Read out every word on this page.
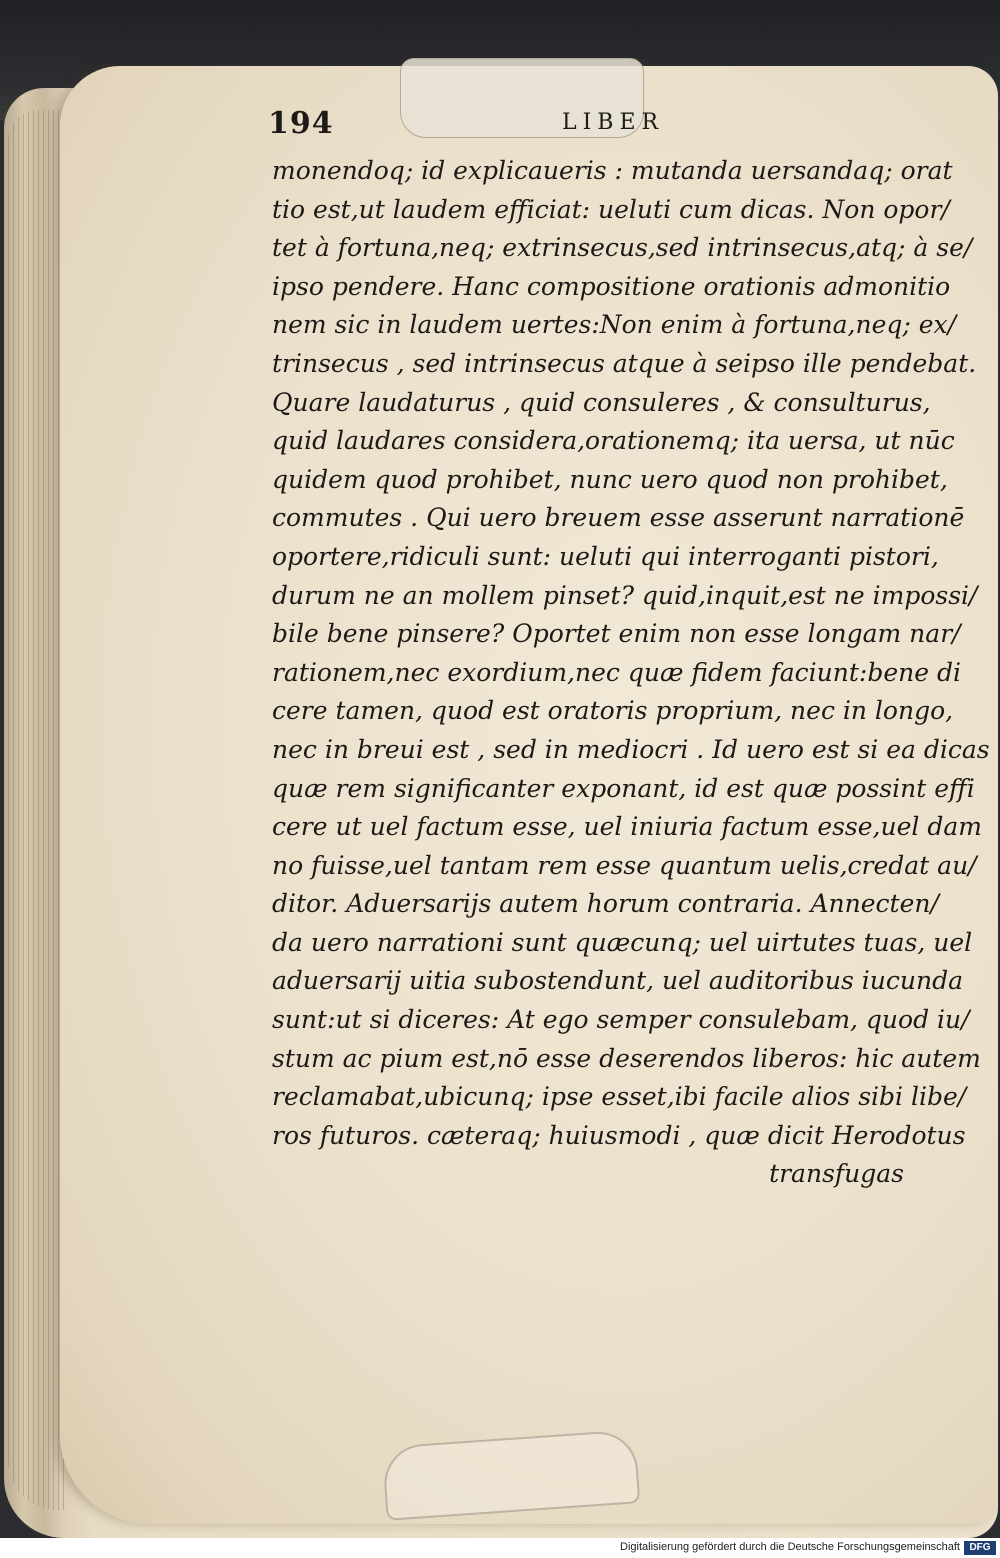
194	LIBER
monendoq; id explicaueris : mutanda uersandaq; orat
tio est,ut laudem efficiat: ueluti cum dicas. Non opor/
tet à fortuna,neq; extrinsecus,sed intrinsecus,atq; à se/
ipso pendere. Hanc compositione orationis admonitio
nem sic in laudem uertes:Non enim à fortuna,neq; ex/
trinsecus , sed intrinsecus atque à seipso ille pendebat.
Quare laudaturus , quid consuleres , & consulturus,
quid laudares considera,orationemq; ita uersa, ut nūc
quidem quod prohibet, nunc uero quod non prohibet,
commutes . Qui uero breuem esse asserunt narrationē
oportere,ridiculi sunt: ueluti qui interroganti pistori,
durum ne an mollem pinset? quid,inquit,est ne impossi/
bile bene pinsere? Oportet enim non esse longam nar/
rationem,nec exordium,nec quæ fidem faciunt:bene di
cere tamen, quod est oratoris proprium, nec in longo,
nec in breui est , sed in mediocri . Id uero est si ea dicas
quæ rem significanter exponant, id est quæ possint effi
cere ut uel factum esse, uel iniuria factum esse,uel dam
no fuisse,uel tantam rem esse quantum uelis,credat au/
ditor. Aduersarijs autem horum contraria. Annecten/
da uero narrationi sunt quæcunq; uel uirtutes tuas, uel
aduersarij uitia subostendunt, uel auditoribus iucunda
sunt:ut si diceres: At ego semper consulebam, quod iu/
stum ac pium est,nō esse deserendos liberos: hic autem
reclamabat,ubicunq; ipse esset,ibi facile alios sibi libe/
ros futuros. cæteraq; huiusmodi , quæ dicit Herodotus
transfugas
Digitalisierung gefördert durch die Deutsche Forschungsgemeinschaft DFG
